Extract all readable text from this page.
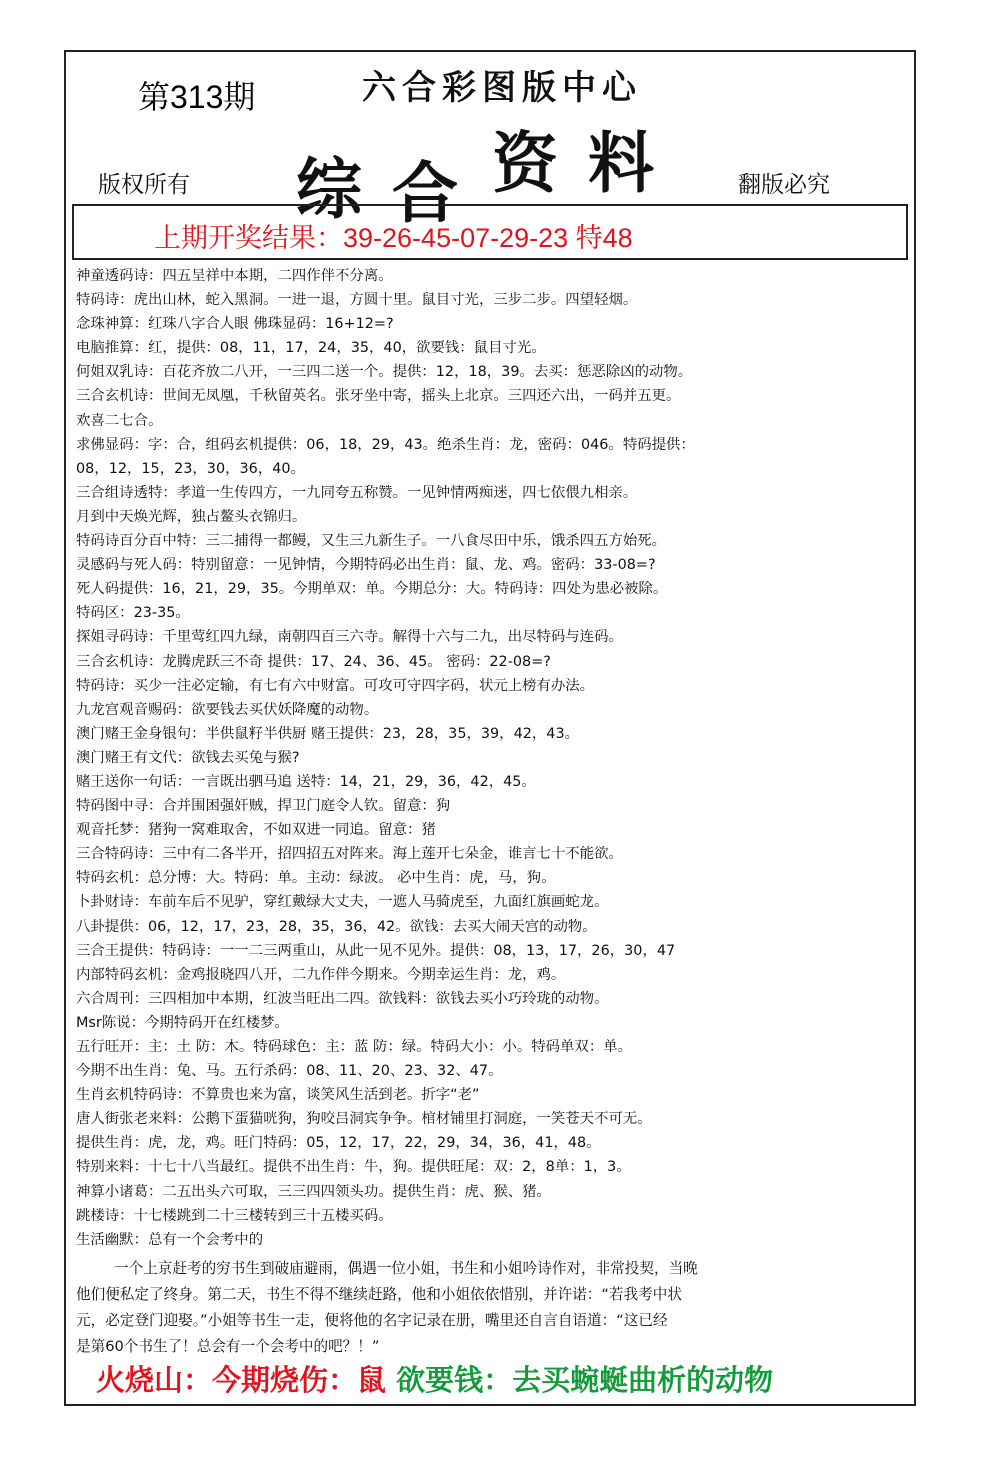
第313期	六合彩图版中心
综 合 资 料
版权所有	翻版必究
上期开奖结果：39-26-45-07-29-23 特48
神童透码诗：四五呈祥中本期，二四作伴不分离。
特码诗：虎出山林，蛇入黑洞。一进一退，方圆十里。鼠目寸光，三步二步。四望轻烟。
念珠神算：红珠八字合人眼 佛珠显码：16+12=?
电脑推算：红，提供：08，11，17，24，35，40，欲要钱：鼠目寸光。
何姐双乳诗：百花齐放二八开，一三四二送一个。提供：12，18，39。去买：惩恶除凶的动物。
三合玄机诗：世间无凤凰，千秋留英名。张牙坐中寄，摇头上北京。三四还六出，一码并五更。
欢喜二七合。
求佛显码：字：合，组码玄机提供：06，18，29，43。绝杀生肖：龙，密码：046。特码提供：
08，12，15，23，30，36，40。
三合组诗透特：孝道一生传四方，一九同夸五称赞。一见钟情两痴迷，四七依偎九相亲。
月到中天焕光辉，独占鳌头衣锦归。
特码诗百分百中特：三二捕得一都鳗，又生三九新生子。一八食尽田中乐，饿杀四五方始死。
灵感码与死人码：特别留意：一见钟情，今期特码必出生肖：鼠、龙、鸡。密码：33-08=?
死人码提供：16，21，29，35。今期单双：单。今期总分：大。特码诗：四处为患必被除。
特码区：23-35。
探姐寻码诗：千里莺红四九绿，南朝四百三六寺。解得十六与二九，出尽特码与连码。
三合玄机诗：龙腾虎跃三不奇 提供：17、24、36、45。 密码：22-08=?
特码诗：买少一注必定输，有七有六中财富。可攻可守四字码，状元上榜有办法。
九龙宫观音赐码：欲要钱去买伏妖降魔的动物。
澳门赌王金身银句：半供鼠籽半供厨 赌王提供：23，28，35，39，42，43。
澳门赌王有文代：欲钱去买兔与猴?
赌王送你一句话：一言既出驷马追 送特：14，21，29，36，42，45。
特码图中寻：合并围困强奸贼，捍卫门庭令人钦。留意：狗
观音托梦：猪狗一窝难取舍，不如双进一同追。留意：猪
三合特码诗：三中有二各半开，招四招五对阵来。海上莲开七朵金，谁言七十不能欲。
特码玄机：总分博：大。特码：单。主动：绿波。 必中生肖：虎，马，狗。
卜卦财诗：车前车后不见驴，穿红戴绿大丈夫，一遮人马骑虎至，九面红旗画蛇龙。
八卦提供：06，12，17，23，28，35，36，42。欲钱：去买大闹天宫的动物。
三合王提供：特码诗：一一二三两重山，从此一见不见外。提供：08，13，17，26，30，47
内部特码玄机：金鸡报晓四八开，二九作伴今期来。今期幸运生肖：龙，鸡。
六合周刊：三四相加中本期，红波当旺出二四。欲钱料：欲钱去买小巧玲珑的动物。
Msr陈说：今期特码开在红楼梦。
五行旺开：主：土 防：木。特码球色：主：蓝 防：绿。特码大小：小。特码单双：单。
今期不出生肖：兔、马。五行杀码：08、11、20、23、32、47。
生肖玄机特码诗：不算贵也来为富，谈笑风生活到老。折字“老”
唐人街张老来料：公鹅下蛋猫咣狗，狗咬吕洞宾争争。棺材铺里打洞庭，一笑苍天不可无。
提供生肖：虎，龙，鸡。旺门特码：05，12，17，22，29，34，36，41，48。
特别来料：十七十八当最红。提供不出生肖：牛，狗。提供旺尾：双：2，8单：1，3。
神算小诸葛：二五出头六可取，三三四四领头功。提供生肖：虎、猴、猪。
跳楼诗：十七楼跳到二十三楼转到三十五楼买码。
生活幽默：总有一个会考中的
一个上京赶考的穷书生到破庙避雨，偶遇一位小姐，书生和小姐吟诗作对，非常投契，当晚
他们便私定了终身。第二天，书生不得不继续赶路，他和小姐依依惜别，并许诺：“若我考中状
元，必定登门迎娶。”小姐等书生一走，便将他的名字记录在册，嘴里还自言自语道：“这已经
是第60个书生了！总会有一个会考中的吧？！”
火烧山：今期烧伤：鼠 欲要钱：去买蜿蜒曲析的动物
